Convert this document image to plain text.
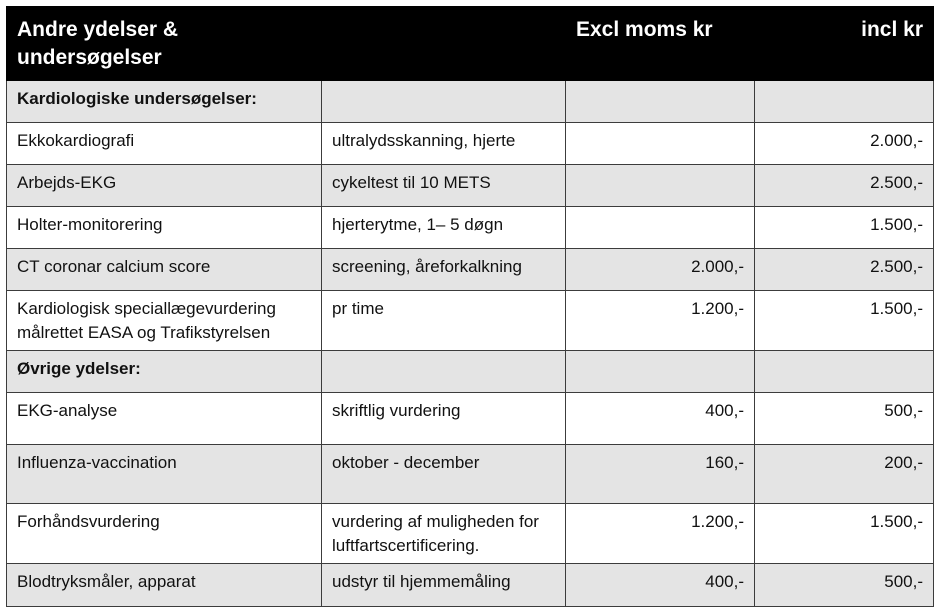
Andre ydelser & undersøgelser		Excl moms kr	incl kr
Kardiologiske undersøgelser:			
Ekkokardiografi	ultralydsskanning, hjerte		2.000,-
Arbejds-EKG	cykeltest til 10 METS		2.500,-
Holter-monitorering	hjerterytme, 1– 5 døgn		1.500,-
CT coronar calcium score	screening, åreforkalkning	2.000,-	2.500,-
Kardiologisk speciallægevurdering målrettet EASA og Trafikstyrelsen	pr time	1.200,-	1.500,-
Øvrige ydelser:			
EKG-analyse	skriftlig vurdering	400,-	500,-
Influenza-vaccination	oktober - december	160,-	200,-
Forhåndsvurdering	vurdering af muligheden for luftfartscertificering.	1.200,-	1.500,-
Blodtryksmåler, apparat	udstyr til hjemmemåling	400,-	500,-
